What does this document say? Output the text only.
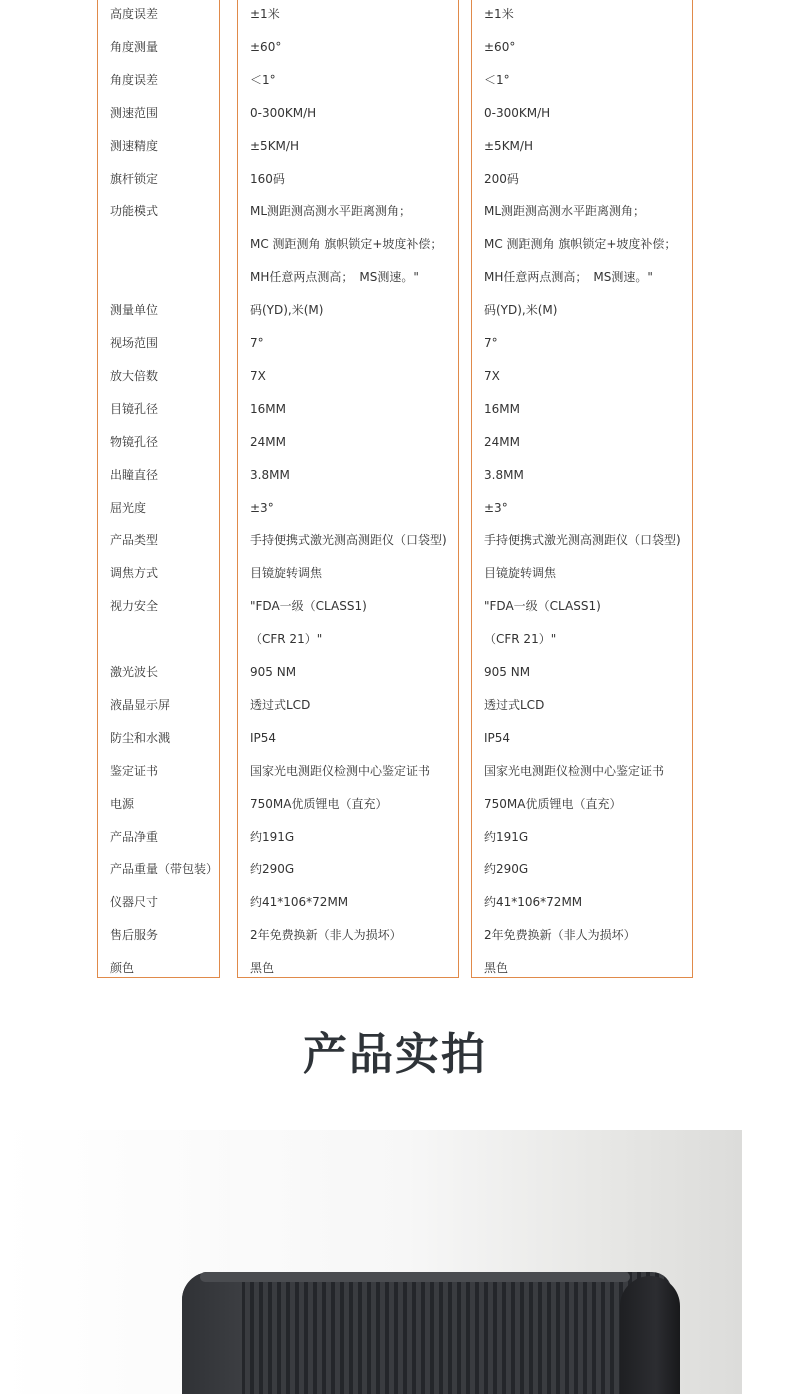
高度误差
角度测量
角度误差
测速范围
测速精度
旗杆锁定
功能模式
测量单位
视场范围
放大倍数
目镜孔径
物镜孔径
出瞳直径
屈光度
产品类型
调焦方式
视力安全
激光波长
液晶显示屏
防尘和水溅
鉴定证书
电源
产品净重
产品重量（带包装）
仪器尺寸
售后服务
颜色
±1米
±60°
＜1°
0-300KM/H
±5KM/H
160码
ML测距测高测水平距离测角；
MC 测距测角 旗帜锁定+坡度补偿；
MH任意两点测高；　MS测速。"
码(YD),米(M)
7°
7X
16MM
24MM
3.8MM
±3°
手持便携式激光测高测距仪（口袋型)
目镜旋转调焦
"FDA一级（CLASS1)
（CFR 21）"
905 NM
透过式LCD
IP54
国家光电测距仪检测中心鉴定证书
750MA优质锂电（直充）
约191G
约290G
约41*106*72MM
2年免费换新（非人为损坏）
黑色
±1米
±60°
＜1°
0-300KM/H
±5KM/H
200码
ML测距测高测水平距离测角；
MC 测距测角 旗帜锁定+坡度补偿；
MH任意两点测高；　MS测速。"
码(YD),米(M)
7°
7X
16MM
24MM
3.8MM
±3°
手持便携式激光测高测距仪（口袋型)
目镜旋转调焦
"FDA一级（CLASS1)
（CFR 21）"
905 NM
透过式LCD
IP54
国家光电测距仪检测中心鉴定证书
750MA优质锂电（直充）
约191G
约290G
约41*106*72MM
2年免费换新（非人为损坏）
黑色
产品实拍
